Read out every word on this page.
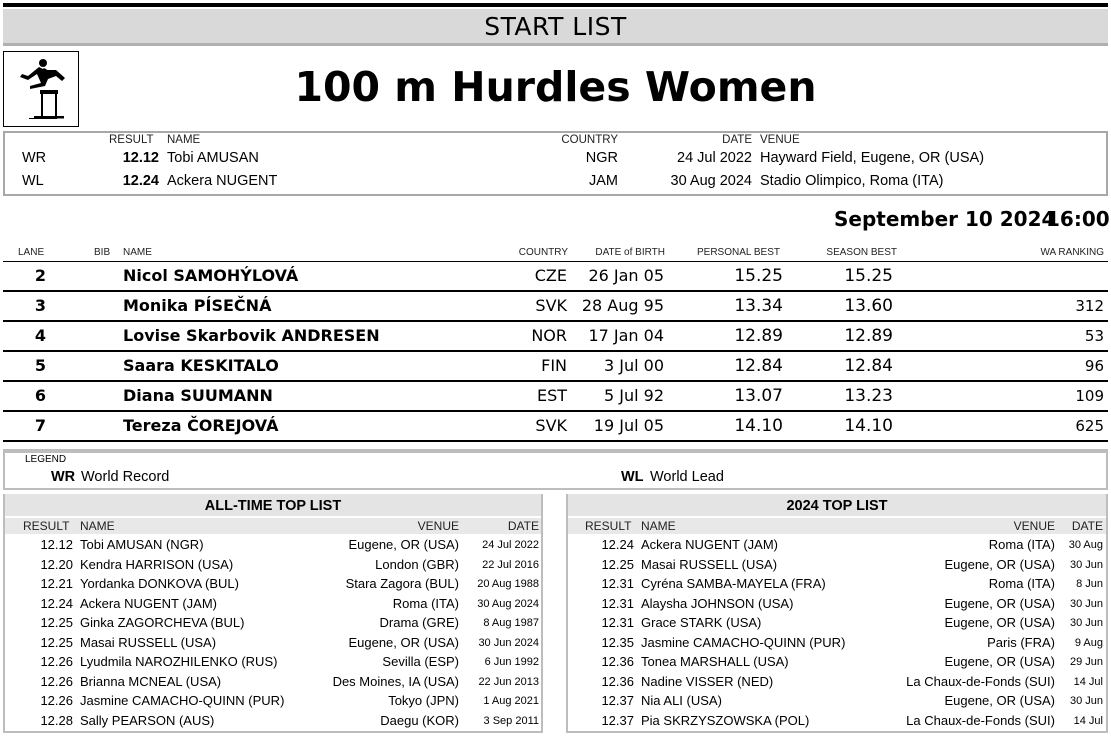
START LIST
100 m Hurdles Women
RESULT NAME	COUNTRY	DATE VENUE
WR	12.12 Tobi AMUSAN	NGR	24 Jul 2022 Hayward Field, Eugene, OR (USA)
WL	12.24 Ackera NUGENT	JAM	30 Aug 2024 Stadio Olimpico, Roma (ITA)
September 10 2024
16:00
LANE	BIB NAME	COUNTRY	DATE of BIRTH	PERSONAL BEST	SEASON BEST	WA RANKING
2	Nicol SAMOHÝLOVÁ	CZE	26 Jan 05	15.25	15.25
3	Monika PÍSEČNÁ	SVK 28 Aug 95	13.34	13.60	312
4	Lovise Skarbovik ANDRESEN	NOR	17 Jan 04	12.89	12.89	53
5	Saara KESKITALO	FIN	3 Jul 00	12.84	12.84	96
6	Diana SUUMANN	EST	5 Jul 92	13.07	13.23	109
7	Tereza ČOREJOVÁ	SVK	19 Jul 05	14.10	14.10	625
LEGEND
WR World Record	WL World Lead
ALL-TIME TOP LIST
RESULT NAME	VENUE	DATE
12.12 Tobi AMUSAN (NGR)	Eugene, OR (USA)	24 Jul 2022
12.20 Kendra HARRISON (USA)	London (GBR)	22 Jul 2016
12.21 Yordanka DONKOVA (BUL)	Stara Zagora (BUL)	20 Aug 1988
12.24 Ackera NUGENT (JAM)	Roma (ITA)	30 Aug 2024
12.25 Ginka ZAGORCHEVA (BUL)	Drama (GRE)	8 Aug 1987
12.25 Masai RUSSELL (USA)	Eugene, OR (USA)	30 Jun 2024
12.26 Lyudmila NAROZHILENKO (RUS)	Sevilla (ESP)	6 Jun 1992
12.26 Brianna MCNEAL (USA)	Des Moines, IA (USA)	22 Jun 2013
12.26 Jasmine CAMACHO-QUINN (PUR)	Tokyo (JPN)	1 Aug 2021
12.28 Sally PEARSON (AUS)	Daegu (KOR)	3 Sep 2011
2024 TOP LIST
RESULT NAME	VENUE	DATE
12.24 Ackera NUGENT (JAM)	Roma (ITA)	30 Aug
12.25 Masai RUSSELL (USA)	Eugene, OR (USA)	30 Jun
12.31 Cyréna SAMBA-MAYELA (FRA)	Roma (ITA)	8 Jun
12.31 Alaysha JOHNSON (USA)	Eugene, OR (USA)	30 Jun
12.31 Grace STARK (USA)	Eugene, OR (USA)	30 Jun
12.35 Jasmine CAMACHO-QUINN (PUR)	Paris (FRA)	9 Aug
12.36 Tonea MARSHALL (USA)	Eugene, OR (USA)	29 Jun
12.36 Nadine VISSER (NED)	La Chaux-de-Fonds (SUI)	14 Jul
12.37 Nia ALI (USA)	Eugene, OR (USA)	30 Jun
12.37 Pia SKRZYSZOWSKA (POL)	La Chaux-de-Fonds (SUI)	14 Jul
